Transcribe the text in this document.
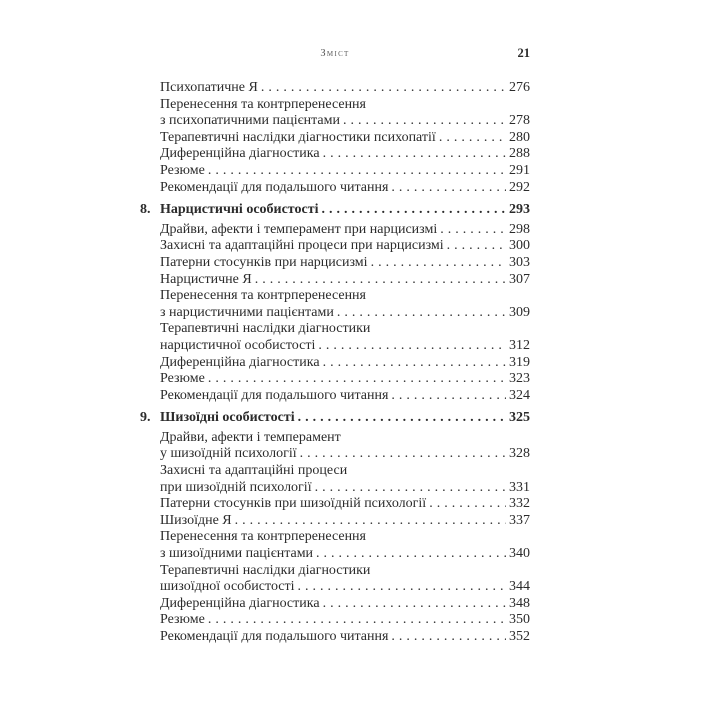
Зміст	21
Психопатичне Я .....	276
Перенесення та контрперенесення
з психопатичними пацієнтами .....	278
Терапевтичні наслідки діагностики психопатії .....	280
Диференційна діагностика .....	288
Резюме .....	291
Рекомендації для подальшого читання .....	292
8. Нарцистичні особистості .....	293
Драйви, афекти і темперамент при нарцисизмі .....	298
Захисні та адаптаційні процеси при нарцисизмі .....	300
Патерни стосунків при нарцисизмі .....	303
Нарцистичне Я .....	307
Перенесення та контрперенесення
з нарцистичними пацієнтами .....	309
Терапевтичні наслідки діагностики
нарцистичної особистості .....	312
Диференційна діагностика .....	319
Резюме .....	323
Рекомендації для подальшого читання .....	324
9. Шизоїдні особистості .....	325
Драйви, афекти і темперамент
у шизоїдній психології .....	328
Захисні та адаптаційні процеси
при шизоїдній психології .....	331
Патерни стосунків при шизоїдній психології .....	332
Шизоїдне Я .....	337
Перенесення та контрперенесення
з шизоїдними пацієнтами .....	340
Терапевтичні наслідки діагностики
шизоїдної особистості .....	344
Диференційна діагностика .....	348
Резюме .....	350
Рекомендації для подальшого читання .....	352
